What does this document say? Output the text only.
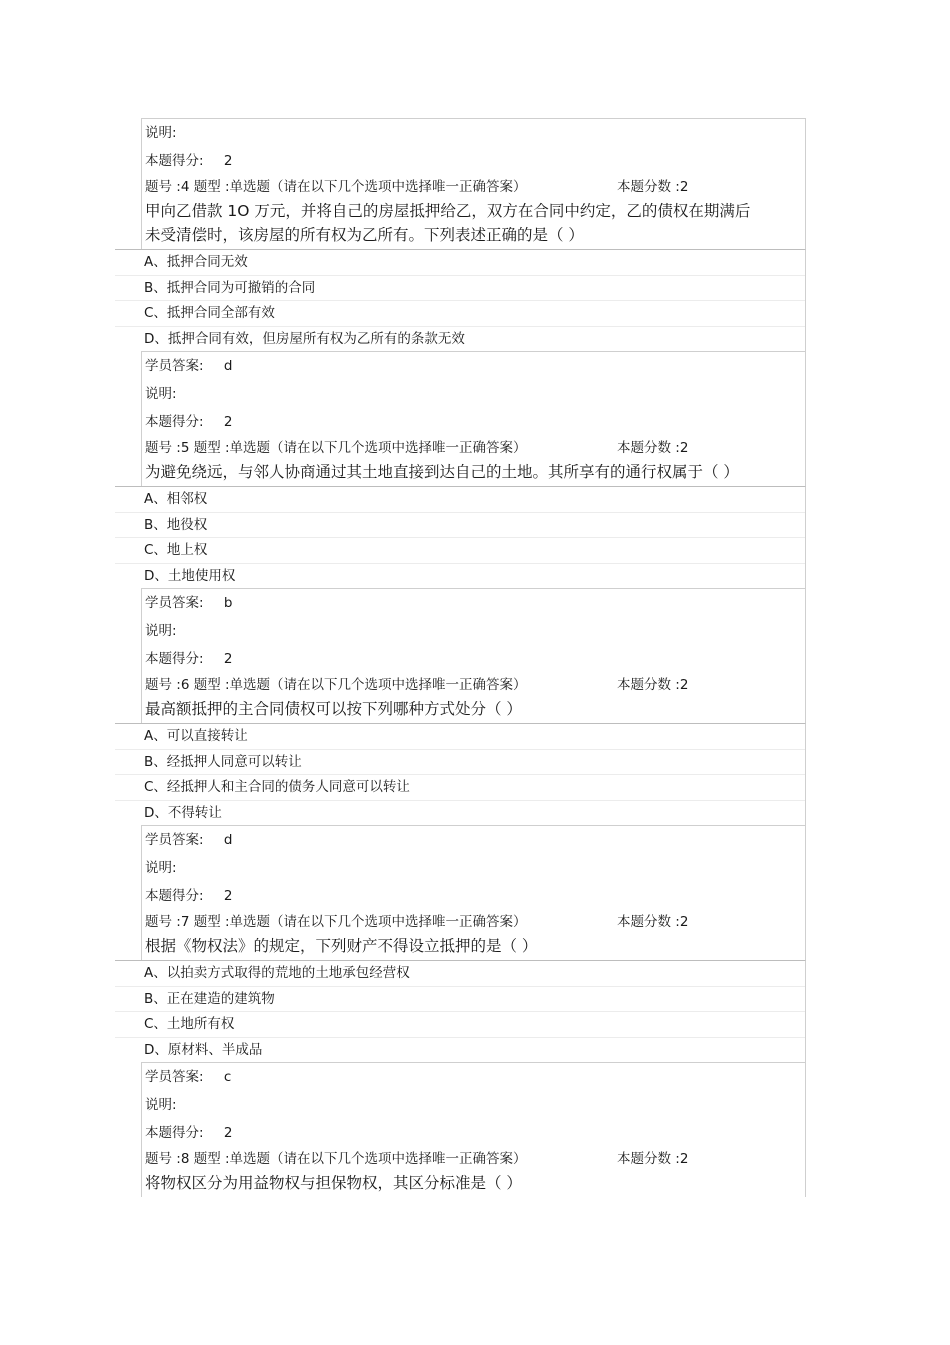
说明:
本题得分: 2
题号 :4 题型 :单选题（请在以下几个选项中选择唯一正确答案）	本题分数 :2
甲向乙借款 1O 万元，并将自己的房屋抵押给乙，双方在合同中约定，乙的债权在期满后未受清偿时，该房屋的所有权为乙所有。下列表述正确的是（ ）
A、抵押合同无效
B、抵押合同为可撤销的合同
C、抵押合同全部有效
D、抵押合同有效，但房屋所有权为乙所有的条款无效
学员答案: d
说明:
本题得分: 2
题号 :5 题型 :单选题（请在以下几个选项中选择唯一正确答案）	本题分数 :2
为避免绕远，与邻人协商通过其土地直接到达自己的土地。其所享有的通行权属于（ ）
A、相邻权
B、地役权
C、地上权
D、土地使用权
学员答案: b
说明:
本题得分: 2
题号 :6 题型 :单选题（请在以下几个选项中选择唯一正确答案）	本题分数 :2
最高额抵押的主合同债权可以按下列哪种方式处分（ ）
A、可以直接转让
B、经抵押人同意可以转让
C、经抵押人和主合同的债务人同意可以转让
D、不得转让
学员答案: d
说明:
本题得分: 2
题号 :7 题型 :单选题（请在以下几个选项中选择唯一正确答案）	本题分数 :2
根据《物权法》的规定，下列财产不得设立抵押的是（ ）
A、以拍卖方式取得的荒地的土地承包经营权
B、正在建造的建筑物
C、土地所有权
D、原材料、半成品
学员答案: c
说明:
本题得分: 2
题号 :8 题型 :单选题（请在以下几个选项中选择唯一正确答案）	本题分数 :2
将物权区分为用益物权与担保物权，其区分标准是（ ）
